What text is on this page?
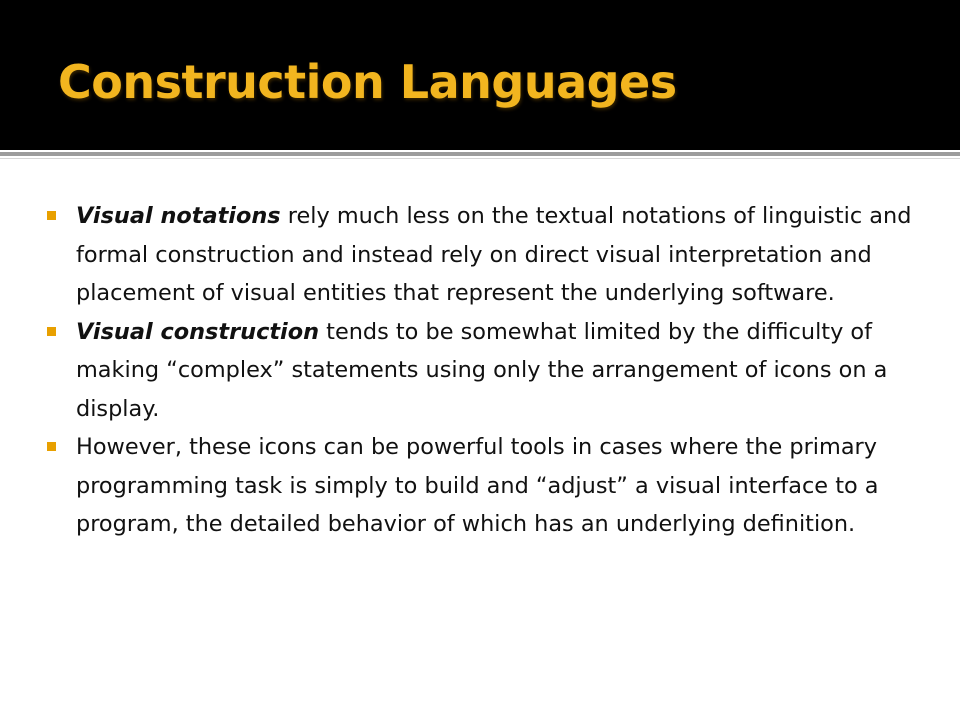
Construction Languages
Visual notations rely much less on the textual notations of linguistic and formal construction and instead rely on direct visual interpretation and placement of visual entities that represent the underlying software.
Visual construction tends to be somewhat limited by the difficulty of making “complex” statements using only the arrangement of icons on a display.
However, these icons can be powerful tools in cases where the primary programming task is simply to build and “adjust” a visual interface to a program, the detailed behavior of which has an underlying definition.
